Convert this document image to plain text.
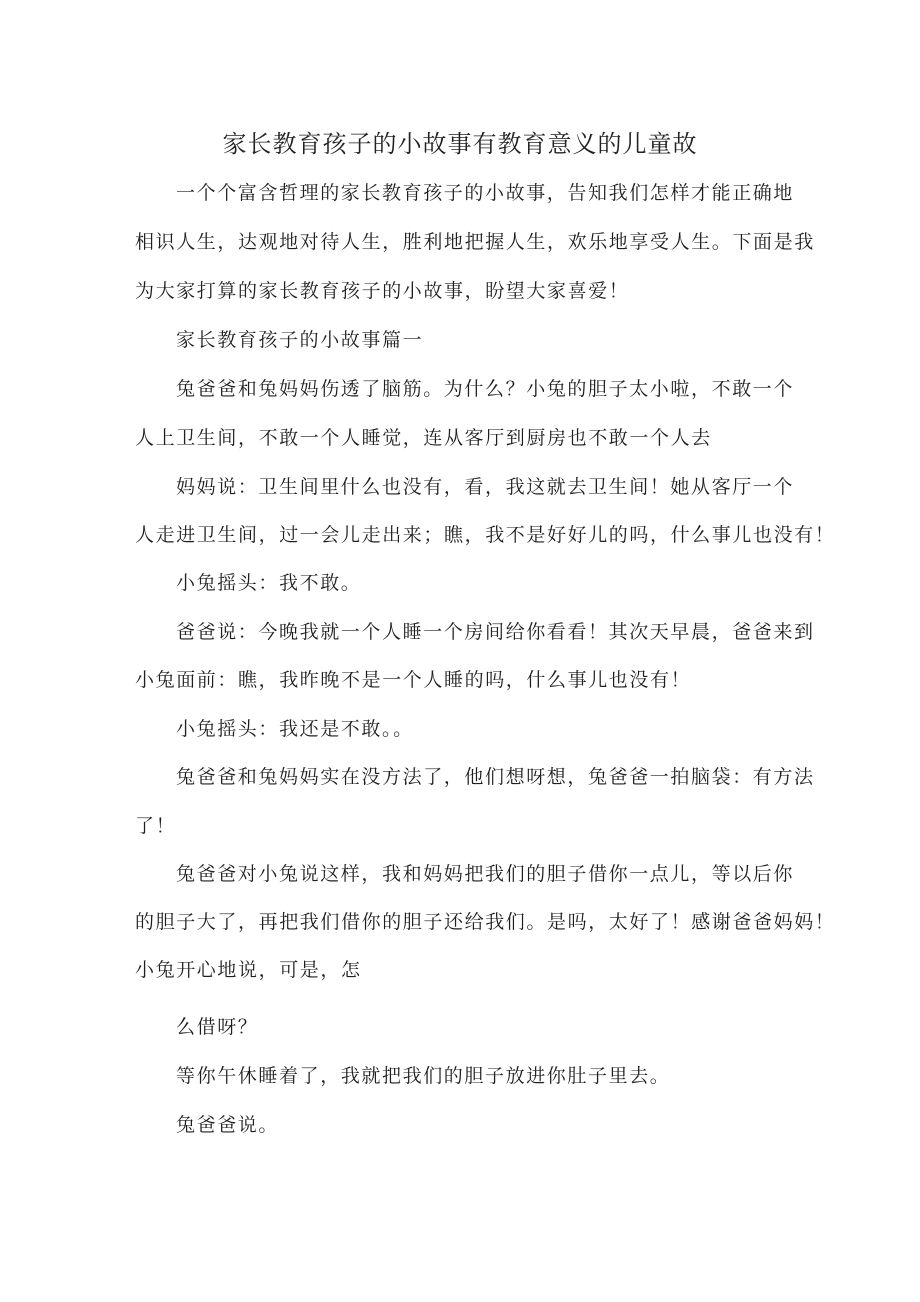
家长教育孩子的小故事有教育意义的儿童故
一个个富含哲理的家长教育孩子的小故事，告知我们怎样才能正确地
相识人生，达观地对待人生，胜利地把握人生，欢乐地享受人生。下面是我
为大家打算的家长教育孩子的小故事，盼望大家喜爱！
家长教育孩子的小故事篇一
兔爸爸和兔妈妈伤透了脑筋。为什么？小兔的胆子太小啦，不敢一个
人上卫生间，不敢一个人睡觉，连从客厅到厨房也不敢一个人去
妈妈说：卫生间里什么也没有，看，我这就去卫生间！她从客厅一个
人走进卫生间，过一会儿走出来；瞧，我不是好好儿的吗，什么事儿也没有！
小兔摇头：我不敢。
爸爸说：今晚我就一个人睡一个房间给你看看！其次天早晨，爸爸来到
小兔面前：瞧，我昨晚不是一个人睡的吗，什么事儿也没有！
小兔摇头：我还是不敢。。
兔爸爸和兔妈妈实在没方法了，他们想呀想，兔爸爸一拍脑袋：有方法
了！
兔爸爸对小兔说这样，我和妈妈把我们的胆子借你一点儿，等以后你
的胆子大了，再把我们借你的胆子还给我们。是吗，太好了！感谢爸爸妈妈！
小兔开心地说，可是，怎
么借呀？
等你午休睡着了，我就把我们的胆子放进你肚子里去。
兔爸爸说。
